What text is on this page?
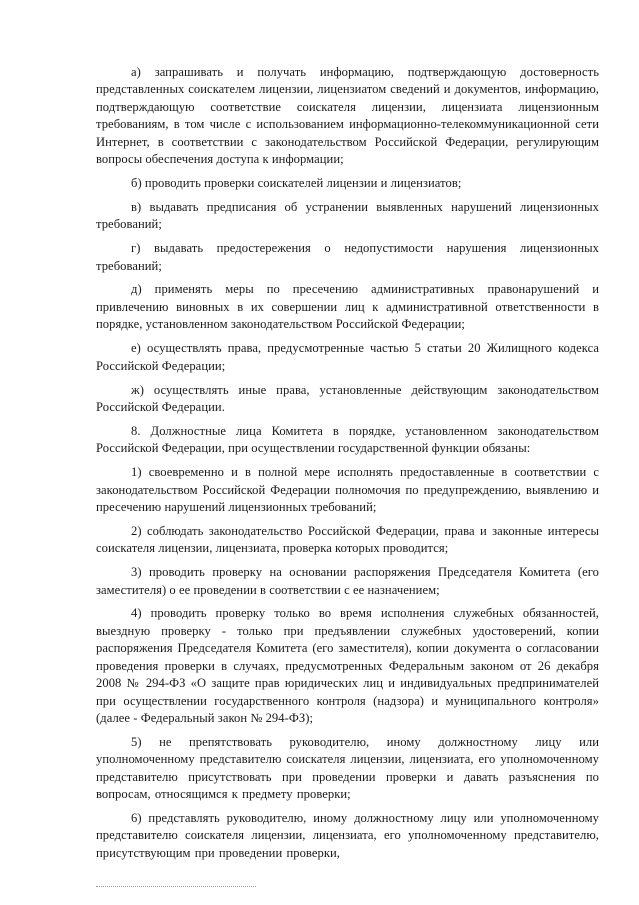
а) запрашивать и получать информацию, подтверждающую достоверность представленных соискателем лицензии, лицензиатом сведений и документов, информацию, подтверждающую соответствие соискателя лицензии, лицензиата лицензионным требованиям, в том числе с использованием информационно-телекоммуникационной сети Интернет, в соответствии с законодательством Российской Федерации, регулирующим вопросы обеспечения доступа к информации;

б) проводить проверки соискателей лицензии и лицензиатов;

в) выдавать предписания об устранении выявленных нарушений лицензионных требований;

г) выдавать предостережения о недопустимости нарушения лицензионных требований;

д) применять меры по пресечению административных правонарушений и привлечению виновных в их совершении лиц к административной ответственности в порядке, установленном законодательством Российской Федерации;

е) осуществлять права, предусмотренные частью 5 статьи 20 Жилищного кодекса Российской Федерации;

ж) осуществлять иные права, установленные действующим законодательством Российской Федерации.

8. Должностные лица Комитета в порядке, установленном законодательством Российской Федерации, при осуществлении государственной функции обязаны:

1) своевременно и в полной мере исполнять предоставленные в соответствии с законодательством Российской Федерации полномочия по предупреждению, выявлению и пресечению нарушений лицензионных требований;

2) соблюдать законодательство Российской Федерации, права и законные интересы соискателя лицензии, лицензиата, проверка которых проводится;

3) проводить проверку на основании распоряжения Председателя Комитета (его заместителя) о ее проведении в соответствии с ее назначением;

4) проводить проверку только во время исполнения служебных обязанностей, выездную проверку - только при предъявлении служебных удостоверений, копии распоряжения Председателя Комитета (его заместителя), копии документа о согласовании проведения проверки в случаях, предусмотренных Федеральным законом от 26 декабря 2008 № 294-ФЗ «О защите прав юридических лиц и индивидуальных предпринимателей при осуществлении государственного контроля (надзора) и муниципального контроля» (далее - Федеральный закон № 294-ФЗ);

5) не препятствовать руководителю, иному должностному лицу или уполномоченному представителю соискателя лицензии, лицензиата, его уполномоченному представителю присутствовать при проведении проверки и давать разъяснения по вопросам, относящимся к предмету проверки;

6) представлять руководителю, иному должностному лицу или уполномоченному представителю соискателя лицензии, лицензиата, его уполномоченному представителю, присутствующим при проведении проверки,
